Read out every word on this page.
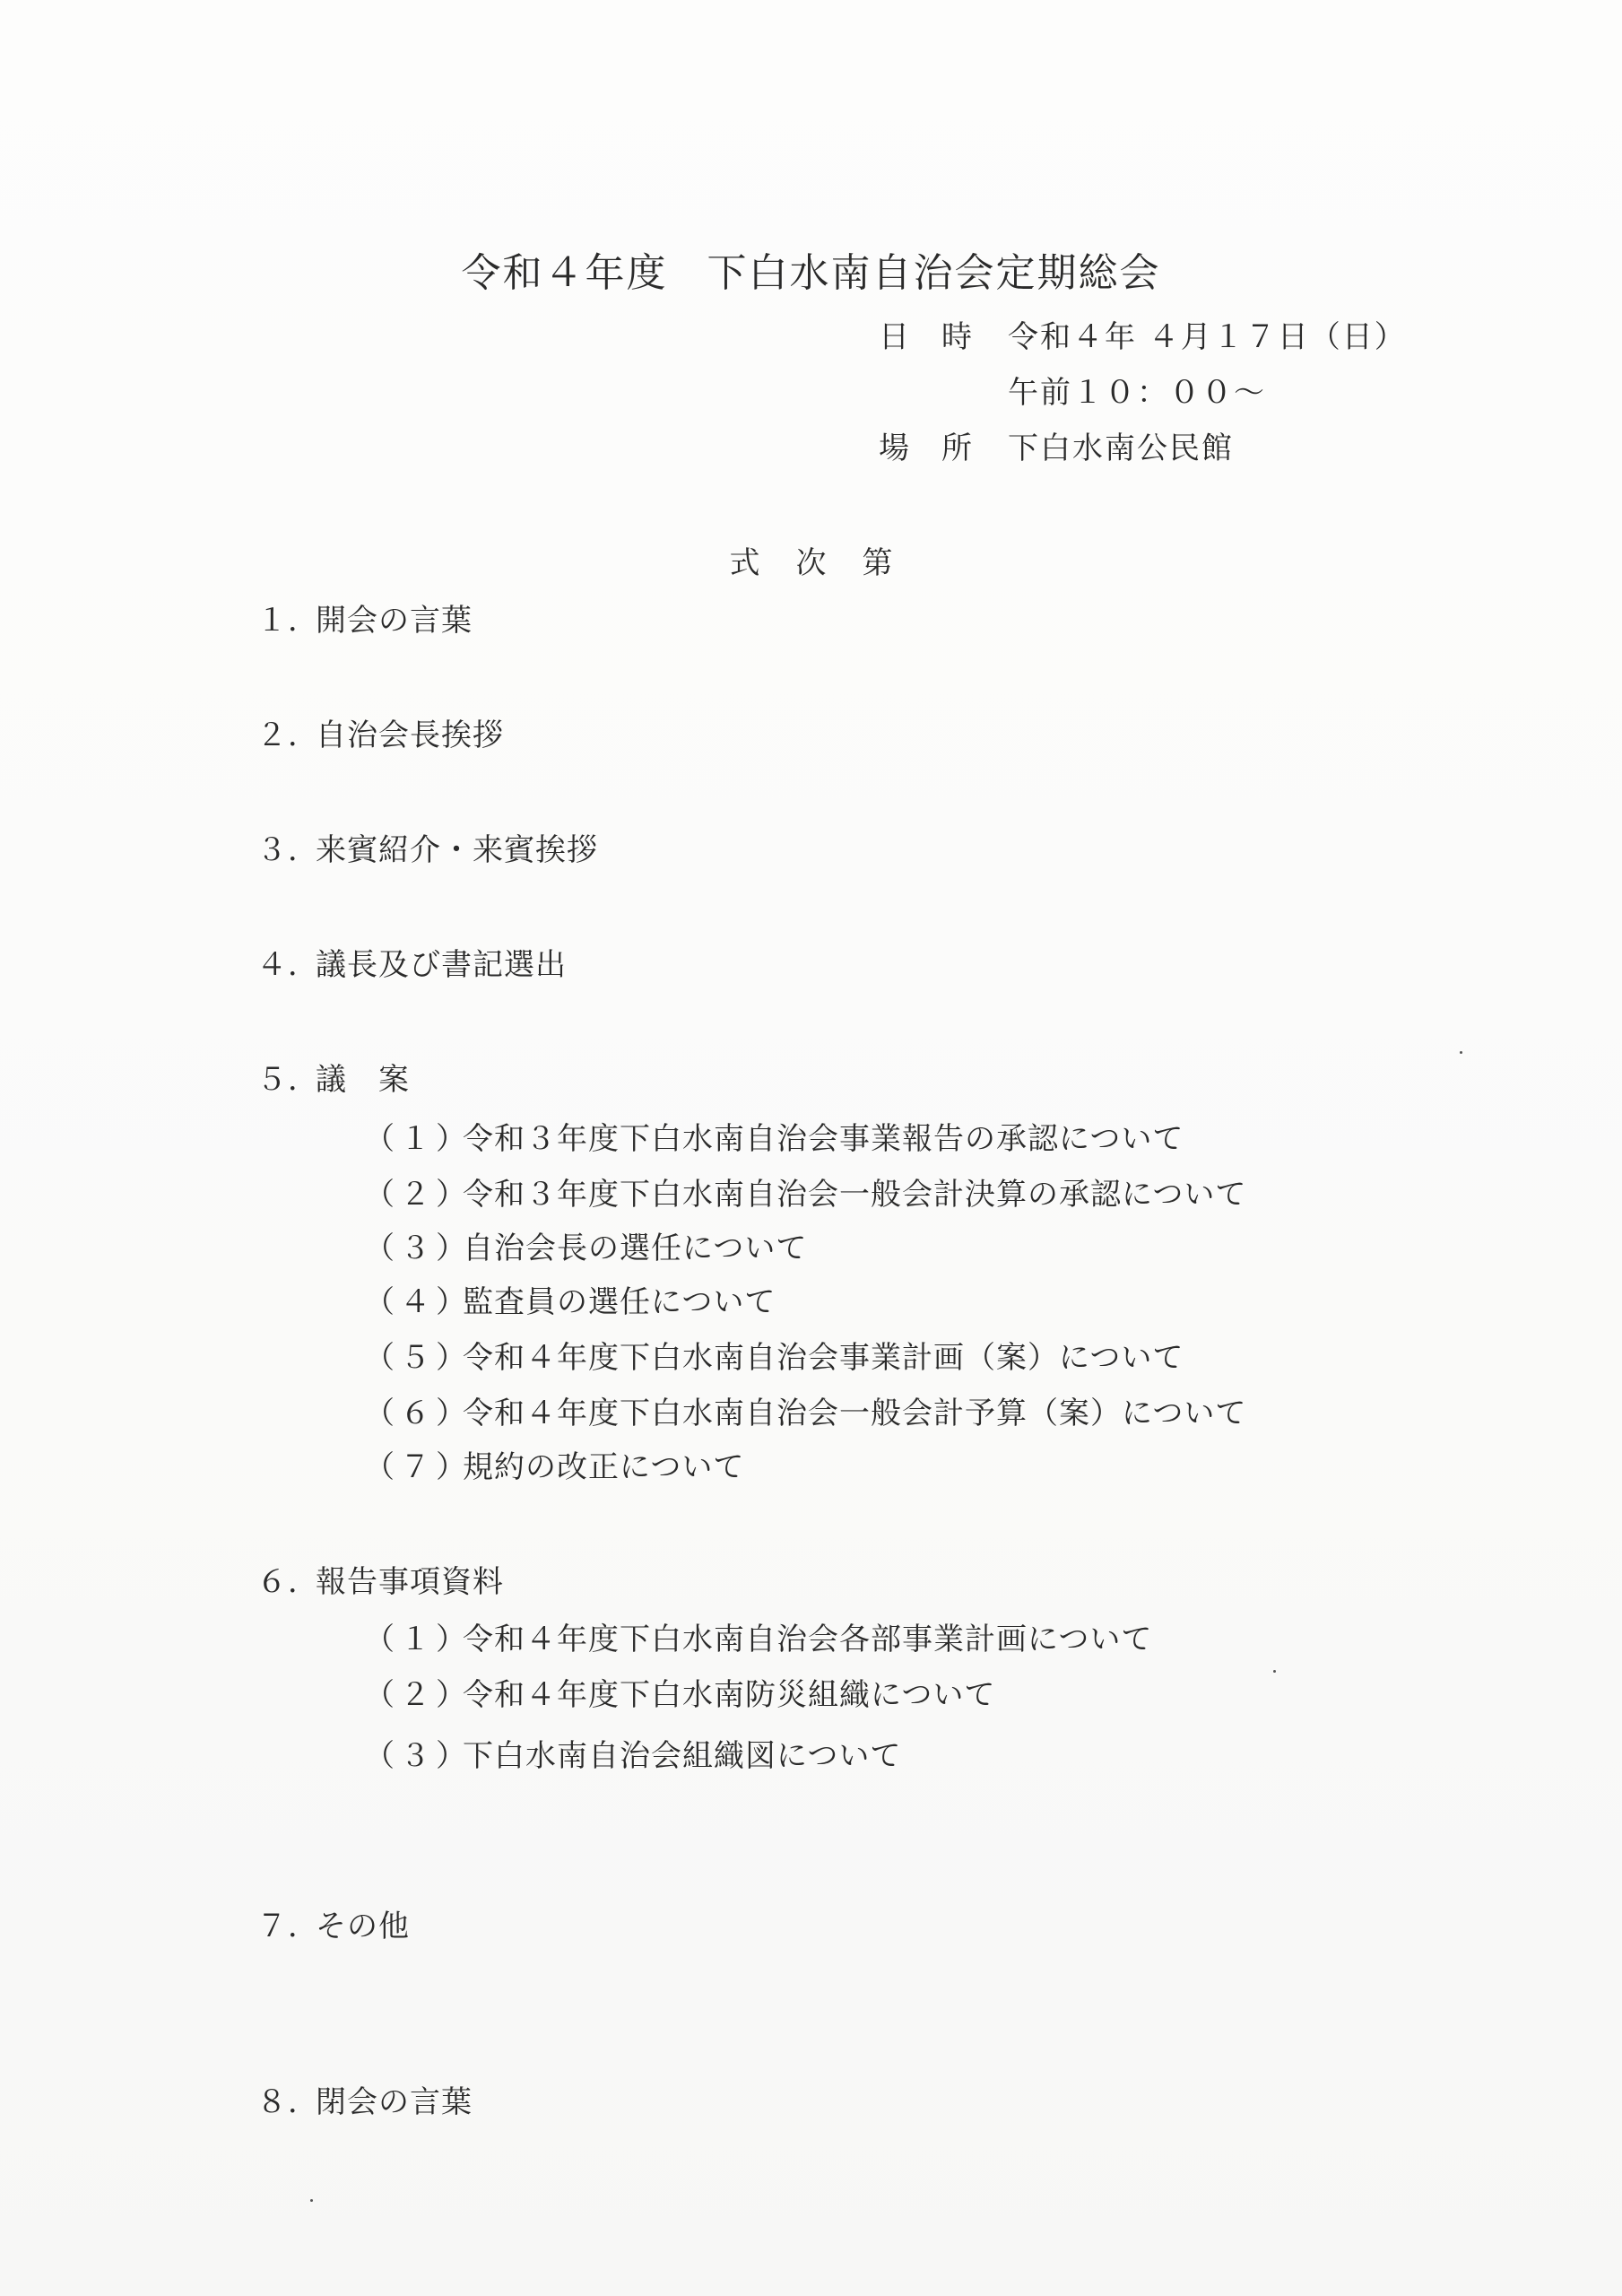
令和４年度 下白水南自治会定期総会
日時 令和４年 ４月１７日（日）
午前１０：００～
場所 下白水南公民館
式次第
１．開会の言葉
２．自治会長挨拶
３．来賓紹介・来賓挨拶
４．議長及び書記選出
５．議　案
（１）令和３年度下白水南自治会事業報告の承認について
（２）令和３年度下白水南自治会一般会計決算の承認について
（３）自治会長の選任について
（４）監査員の選任について
（５）令和４年度下白水南自治会事業計画（案）について
（６）令和４年度下白水南自治会一般会計予算（案）について
（７）規約の改正について
６．報告事項資料
（１）令和４年度下白水南自治会各部事業計画について
（２）令和４年度下白水南防災組織について
（３）下白水南自治会組織図について
７．その他
８．閉会の言葉
